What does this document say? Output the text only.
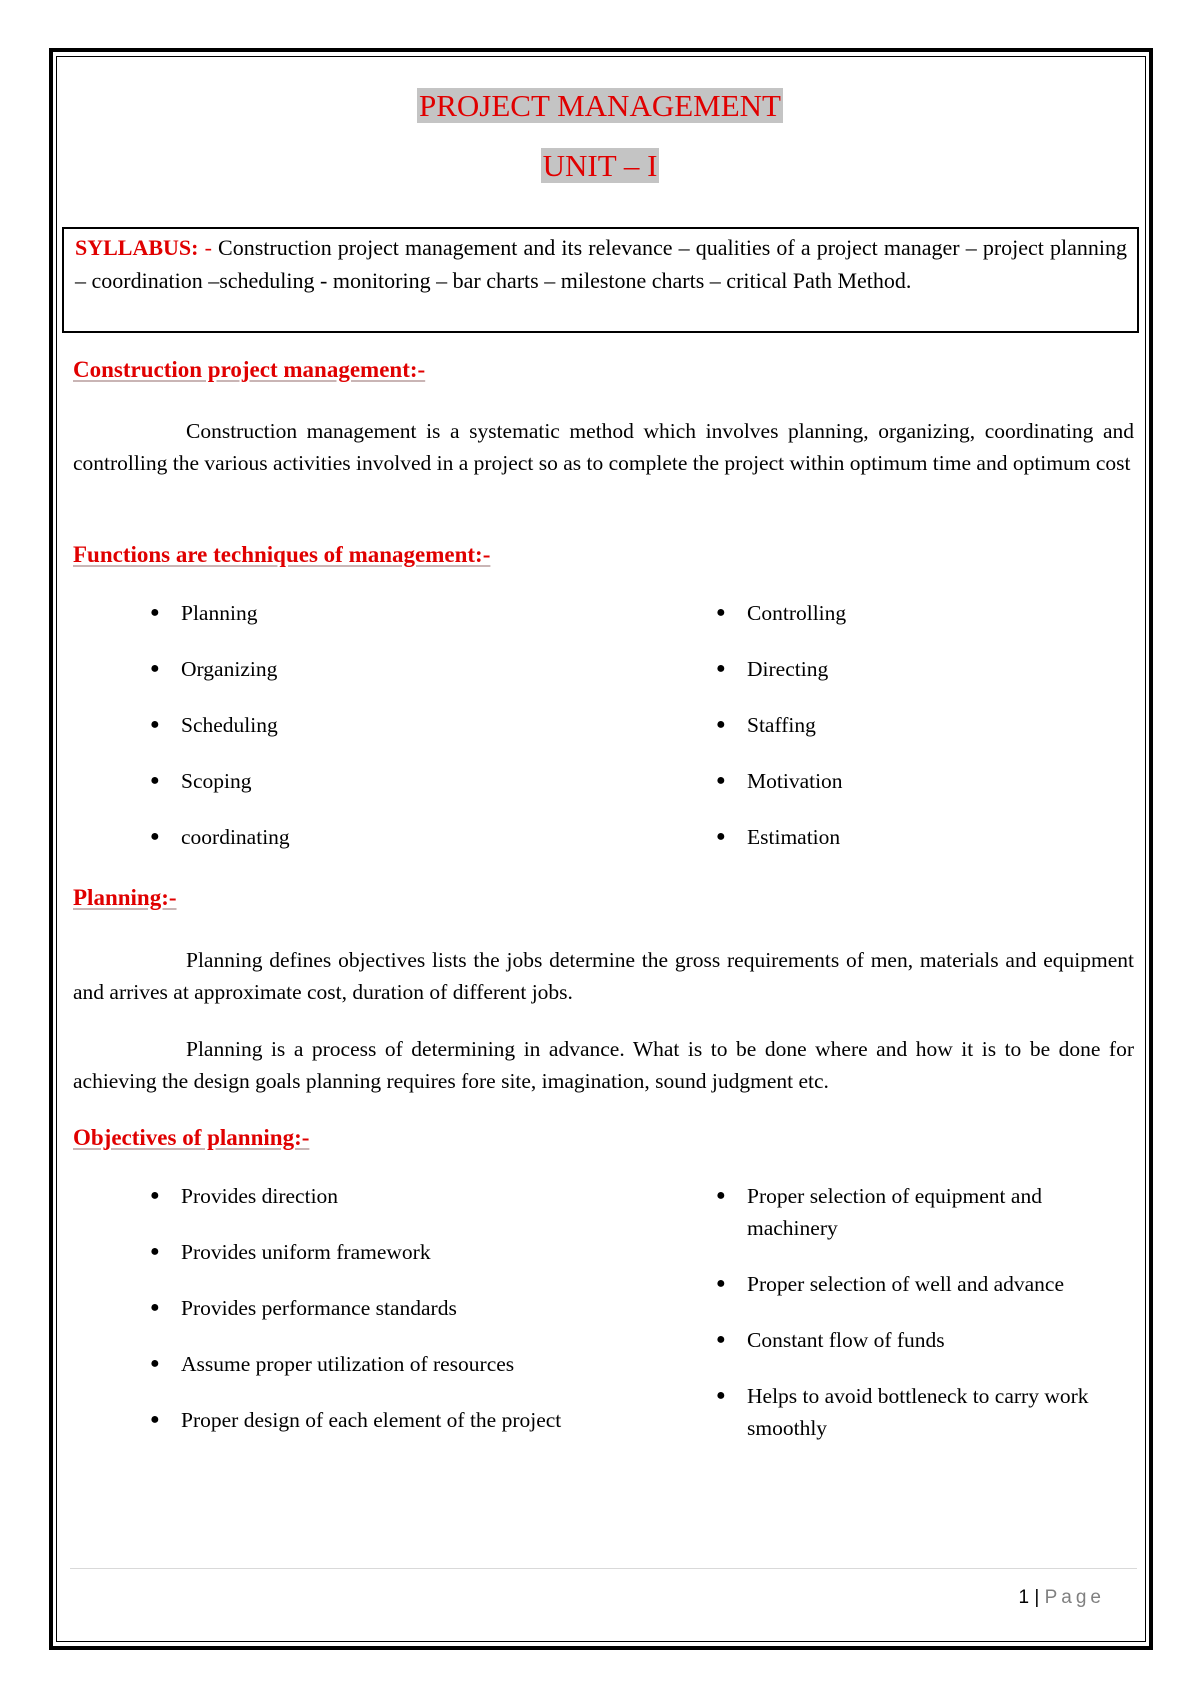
PROJECT MANAGEMENT
UNIT – I
SYLLABUS: - Construction project management and its relevance – qualities of a project manager – project planning – coordination –scheduling - monitoring – bar charts – milestone charts – critical Path Method.
Construction project management:-
Construction management is a systematic method which involves planning, organizing, coordinating and controlling the various activities involved in a project so as to complete the project within optimum time and optimum cost
Functions are techniques of management:-
● Planning
● Organizing
● Scheduling
● Scoping
● coordinating
● Controlling
● Directing
● Staffing
● Motivation
● Estimation
Planning:-
Planning defines objectives lists the jobs determine the gross requirements of men, materials and equipment and arrives at approximate cost, duration of different jobs.
Planning is a process of determining in advance. What is to be done where and how it is to be done for achieving the design goals planning requires fore site, imagination, sound judgment etc.
Objectives of planning:-
● Provides direction
● Provides uniform framework
● Provides performance standards
● Assume proper utilization of resources
● Proper design of each element of the project
● Proper selection of equipment and machinery
● Proper selection of well and advance
● Constant flow of funds
● Helps to avoid bottleneck to carry work smoothly
1 | Page
